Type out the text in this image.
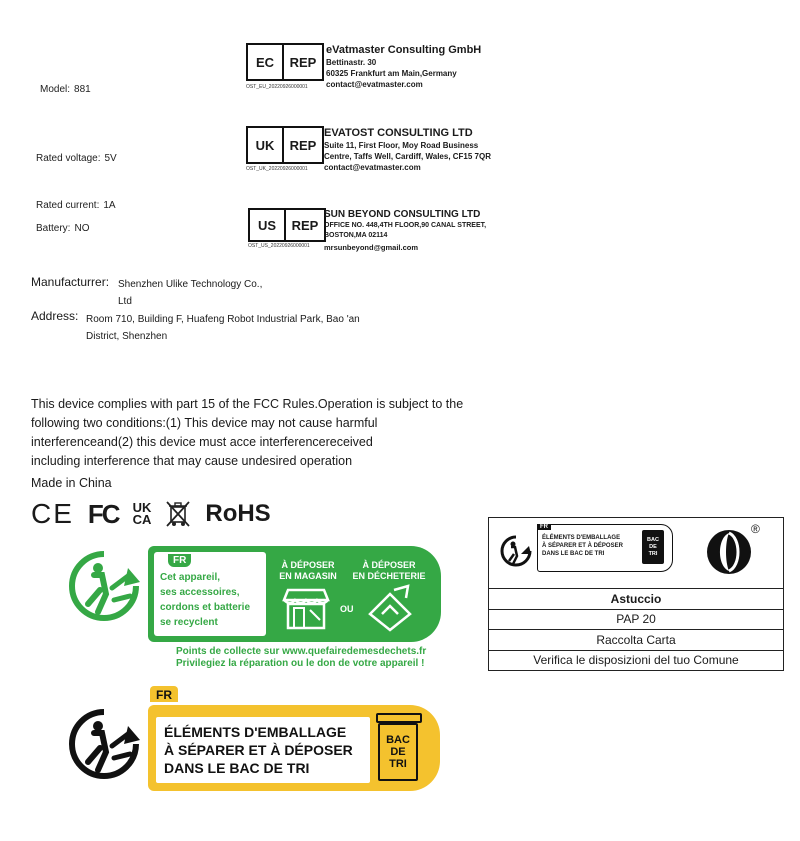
Model: 881
Rated voltage: 5V
Rated current: 1A
Battery: NO
EC	REP
OST_EU_20220926000001
eVatmaster Consulting GmbH
Bettinastr. 30
60325 Frankfurt am Main,Germany
contact@evatmaster.com
UK	REP
OST_UK_20220926000001
EVATOST CONSULTING LTD
Suite 11, First Floor, Moy Road Business
Centre, Taffs Well, Cardiff, Wales, CF15 7QR
contact@evatmaster.com
US	REP
OST_US_20220926000001
SUN BEYOND CONSULTING LTD
OFFICE NO. 448,4TH FLOOR,90 CANAL STREET,
BOSTON,MA 02114
mrsunbeyond@gmail.com
Manufacturrer: Shenzhen Ulike Technology Co.,
Ltd
Address: Room 710, Building F, Huafeng Robot Industrial Park, Bao 'an
District, Shenzhen
This device complies with part 15 of the FCC Rules.Operation is subject to the
following two conditions:(1) This device may not cause harmful
interferenceand(2) this device must acce interferencereceived
including interference that may cause undesired operation
Made in China
CE FC UK
CA RoHS	FR
ÉLÉMENTS D'EMBALLAGE
À SÉPARER ET À DÉPOSER
DANS LE BAC DE TRI
BAC
DE
TRI
®
Astuccio
PAP 20
Raccolta Carta
Verifica le disposizioni del tuo Comune
FR
Cet appareil,
ses accessoires,
cordons et batterie
se recyclent
À DÉPOSER
EN MAGASIN
À DÉPOSER
EN DÉCHETERIE
OU
Points de collecte sur www.quefairedemesdechets.fr
Privilegiez la réparation ou le don de votre appareil !
FR
ÉLÉMENTS D'EMBALLAGE
À SÉPARER ET À DÉPOSER
DANS LE BAC DE TRI
BAC
DE
TRI
